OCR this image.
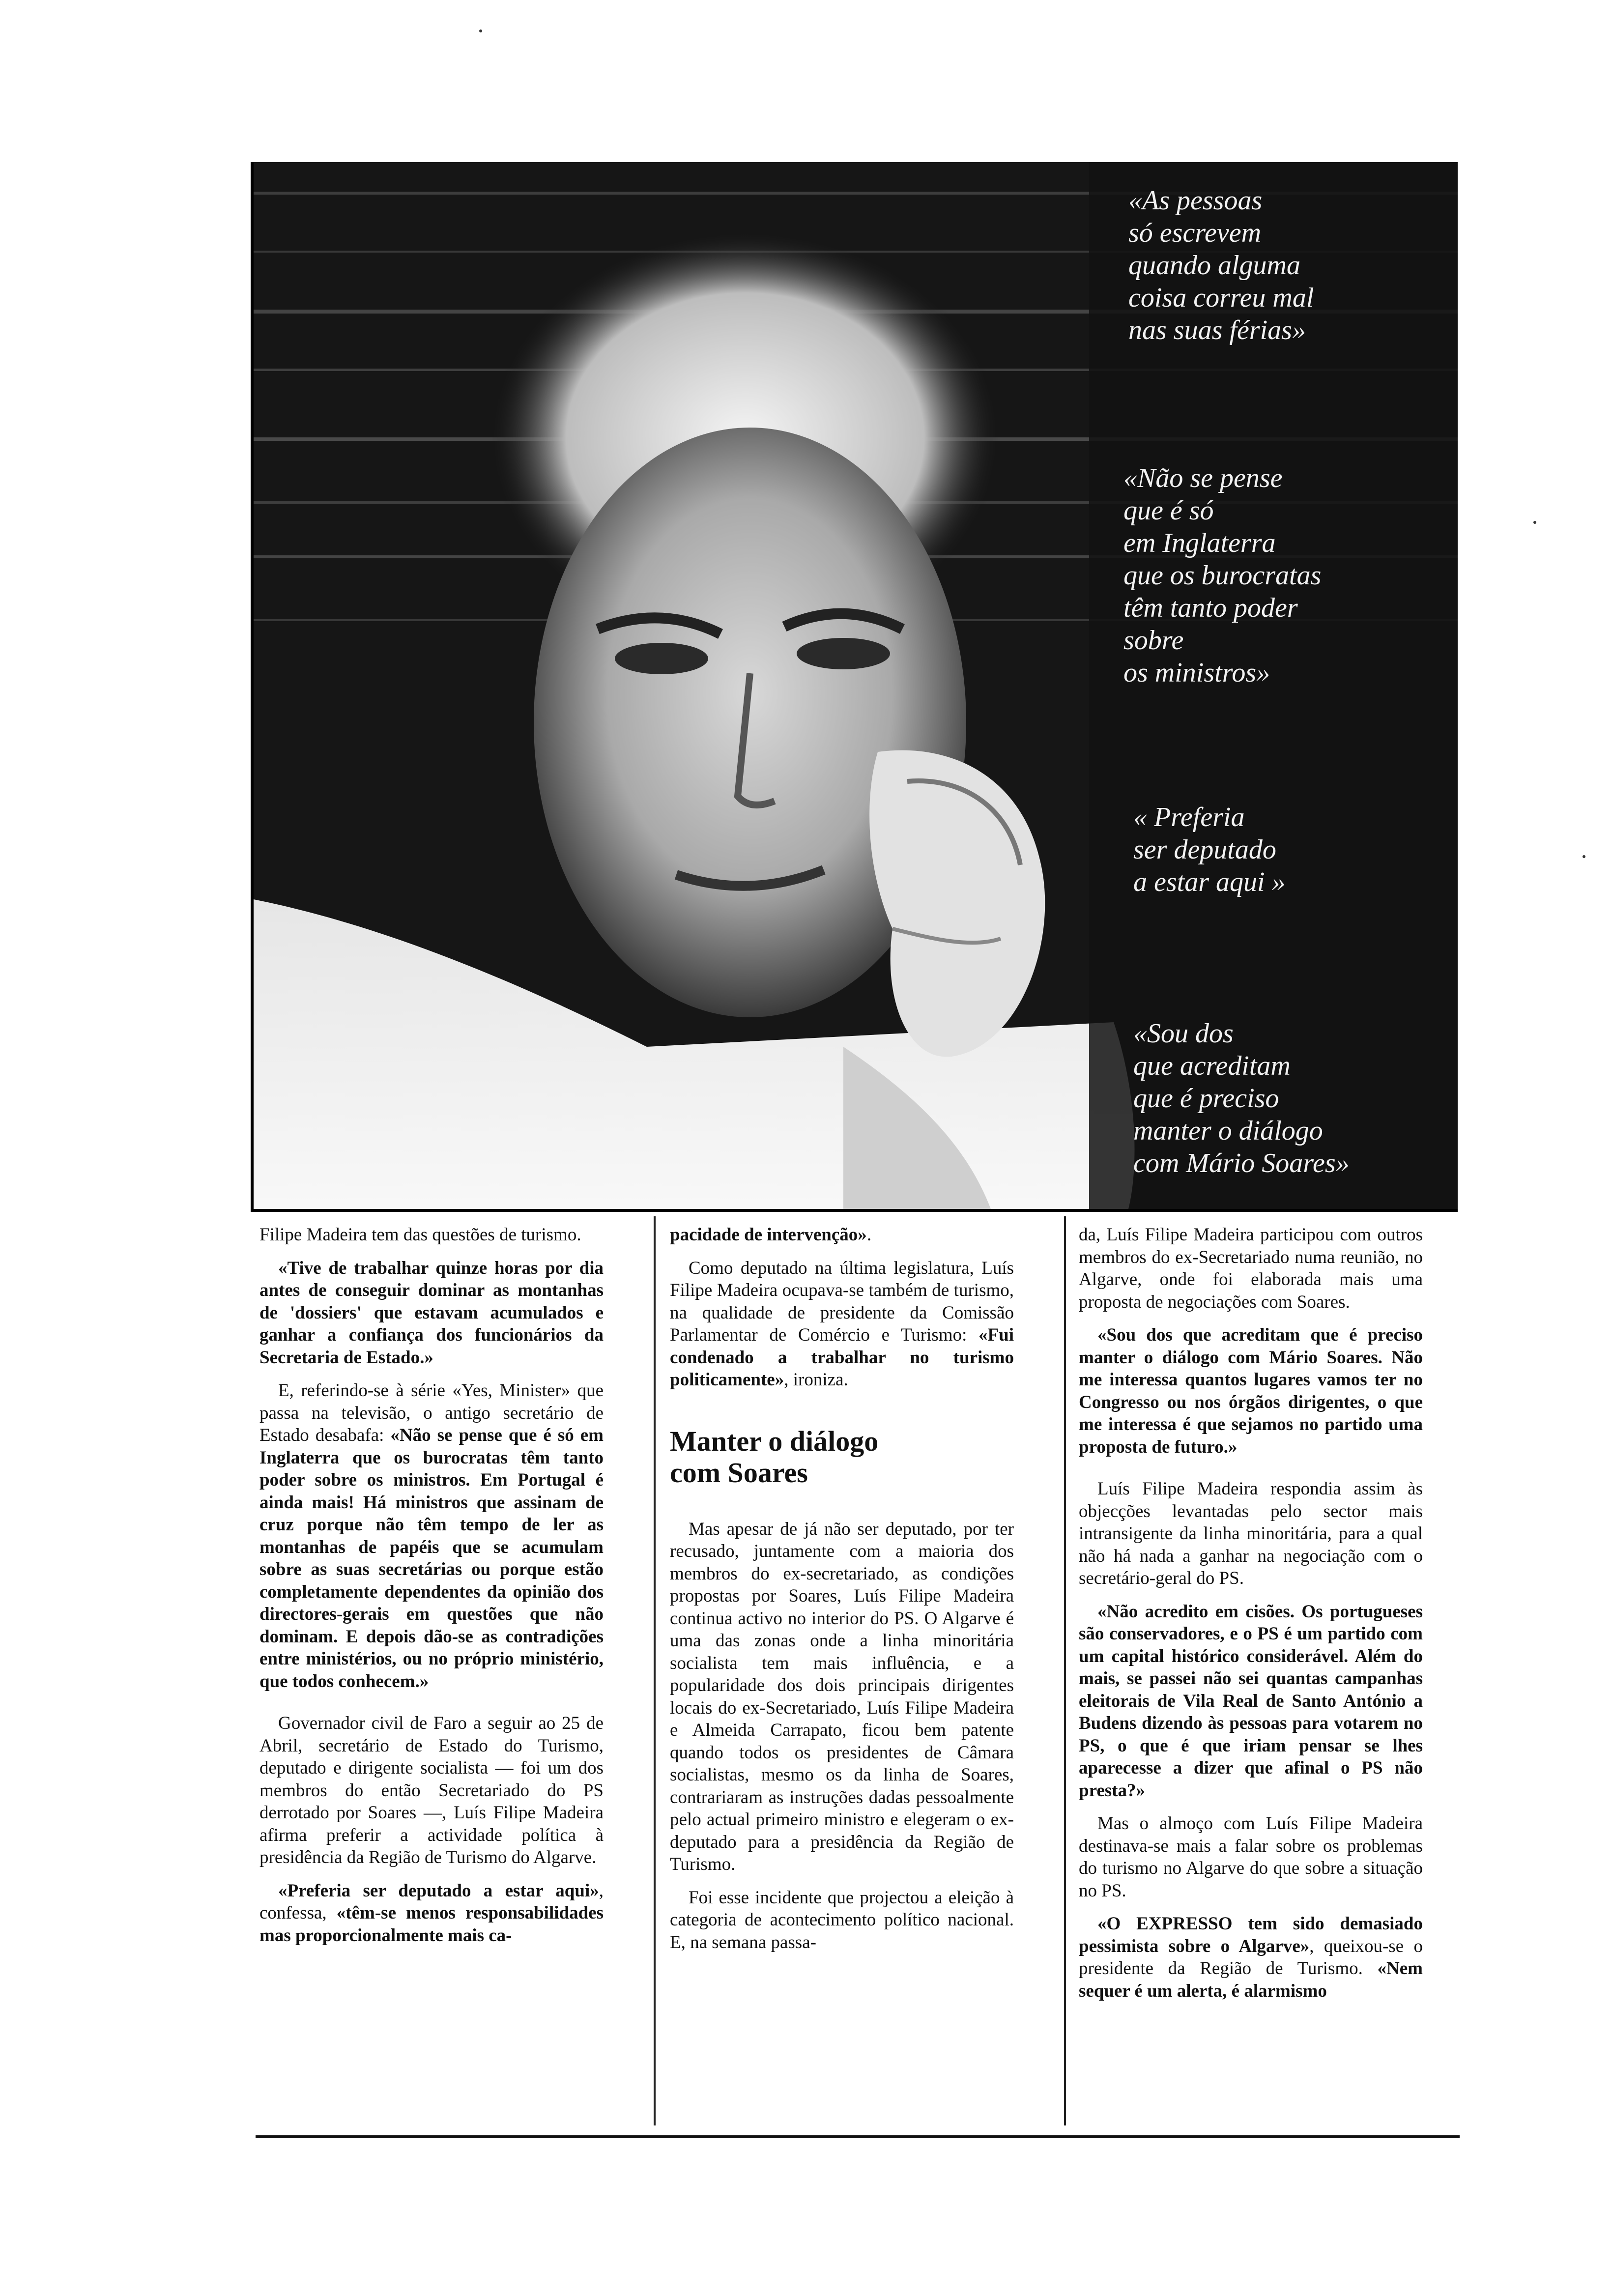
«As pessoas
só escrevem
quando alguma
coisa correu mal
nas suas férias»
«Não se pense
que é só
em Inglaterra
que os burocratas
têm tanto poder
sobre
os ministros»
« Preferia
ser deputado
a estar aqui »
«Sou dos
que acreditam
que é preciso
manter o diálogo
com Mário Soares»

Filipe Madeira tem das questões de turismo.

«Tive de trabalhar quinze horas por dia antes de conseguir dominar as montanhas de 'dossiers' que estavam acumulados e ganhar a confiança dos funcionários da Secretaria de Estado.»

E, referindo-se à série «Yes, Minister» que passa na televisão, o antigo secretário de Estado desabafa: «Não se pense que é só em Inglaterra que os burocratas têm tanto poder sobre os ministros. Em Portugal é ainda mais! Há ministros que assinam de cruz porque não têm tempo de ler as montanhas de papéis que se acumulam sobre as suas secretárias ou porque estão completamente dependentes da opinião dos directores-gerais em questões que não dominam. E depois dão-se as contradições entre ministérios, ou no próprio ministério, que todos conhecem.»

Governador civil de Faro a seguir ao 25 de Abril, secretário de Estado do Turismo, deputado e dirigente socialista — foi um dos membros do então Secretariado do PS derrotado por Soares —, Luís Filipe Madeira afirma preferir a actividade política à presidência da Região de Turismo do Algarve.

«Preferia ser deputado a estar aqui», confessa, «têm-se menos responsabilidades mas proporcionalmente mais ca-

pacidade de intervenção».

Como deputado na última legislatura, Luís Filipe Madeira ocupava-se também de turismo, na qualidade de presidente da Comissão Parlamentar de Comércio e Turismo: «Fui condenado a trabalhar no turismo politicamente», ironiza.

Manter o diálogo
com Soares

Mas apesar de já não ser deputado, por ter recusado, juntamente com a maioria dos membros do ex-secretariado, as condições propostas por Soares, Luís Filipe Madeira continua activo no interior do PS. O Algarve é uma das zonas onde a linha minoritária socialista tem mais influência, e a popularidade dos dois principais dirigentes locais do ex-Secretariado, Luís Filipe Madeira e Almeida Carrapato, ficou bem patente quando todos os presidentes de Câmara socialistas, mesmo os da linha de Soares, contrariaram as instruções dadas pessoalmente pelo actual primeiro ministro e elegeram o ex-deputado para a presidência da Região de Turismo.

Foi esse incidente que projectou a eleição à categoria de acontecimento político nacional. E, na semana passa-

da, Luís Filipe Madeira participou com outros membros do ex-Secretariado numa reunião, no Algarve, onde foi elaborada mais uma proposta de negociações com Soares.

«Sou dos que acreditam que é preciso manter o diálogo com Mário Soares. Não me interessa quantos lugares vamos ter no Congresso ou nos órgãos dirigentes, o que me interessa é que sejamos no partido uma proposta de futuro.»

Luís Filipe Madeira respondia assim às objecções levantadas pelo sector mais intransigente da linha minoritária, para a qual não há nada a ganhar na negociação com o secretário-geral do PS.

«Não acredito em cisões. Os portugueses são conservadores, e o PS é um partido com um capital histórico considerável. Além do mais, se passei não sei quantas campanhas eleitorais de Vila Real de Santo António a Budens dizendo às pessoas para votarem no PS, o que é que iriam pensar se lhes aparecesse a dizer que afinal o PS não presta?»

Mas o almoço com Luís Filipe Madeira destinava-se mais a falar sobre os problemas do turismo no Algarve do que sobre a situação no PS.

«O EXPRESSO tem sido demasiado pessimista sobre o Algarve», queixou-se o presidente da Região de Turismo. «Nem sequer é um alerta, é alarmismo
